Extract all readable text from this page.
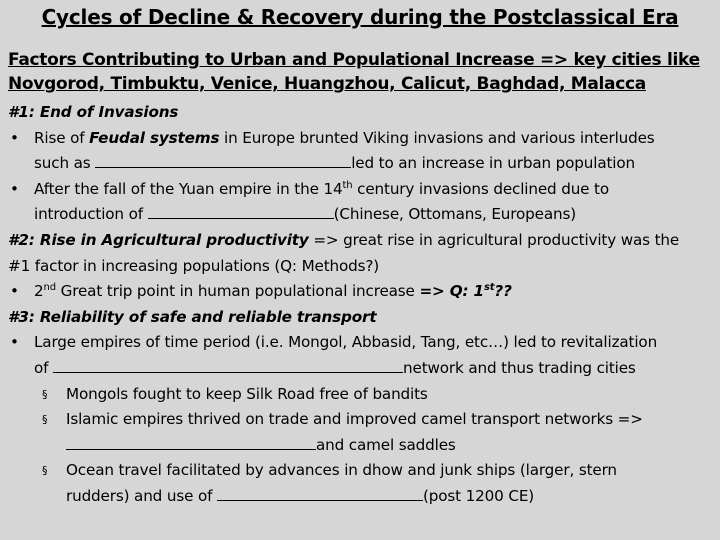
Cycles of Decline & Recovery during the Postclassical Era
Factors Contributing to Urban and Populational Increase => key cities like
Novgorod, Timbuktu, Venice, Huangzhou, Calicut, Baghdad, Malacca
#1: End of Invasions
• Rise of Feudal systems in Europe brunted Viking invasions and various interludes
such as	led to an increase in urban population
• After the fall of the Yuan empire in the 14th century invasions declined due to
introduction of	(Chinese, Ottomans, Europeans)
#2: Rise in Agricultural productivity => great rise in agricultural productivity was the
#1 factor in increasing populations (Q: Methods?)
• 2nd Great trip point in human populational increase => Q: 1st??
#3: Reliability of safe and reliable transport
• Large empires of time period (i.e. Mongol, Abbasid, Tang, etc…) led to revitalization
of	network and thus trading cities
§ Mongols fought to keep Silk Road free of bandits
§ Islamic empires thrived on trade and improved camel transport networks =>
and camel saddles
§ Ocean travel facilitated by advances in dhow and junk ships (larger, stern
rudders) and use of	(post 1200 CE)
